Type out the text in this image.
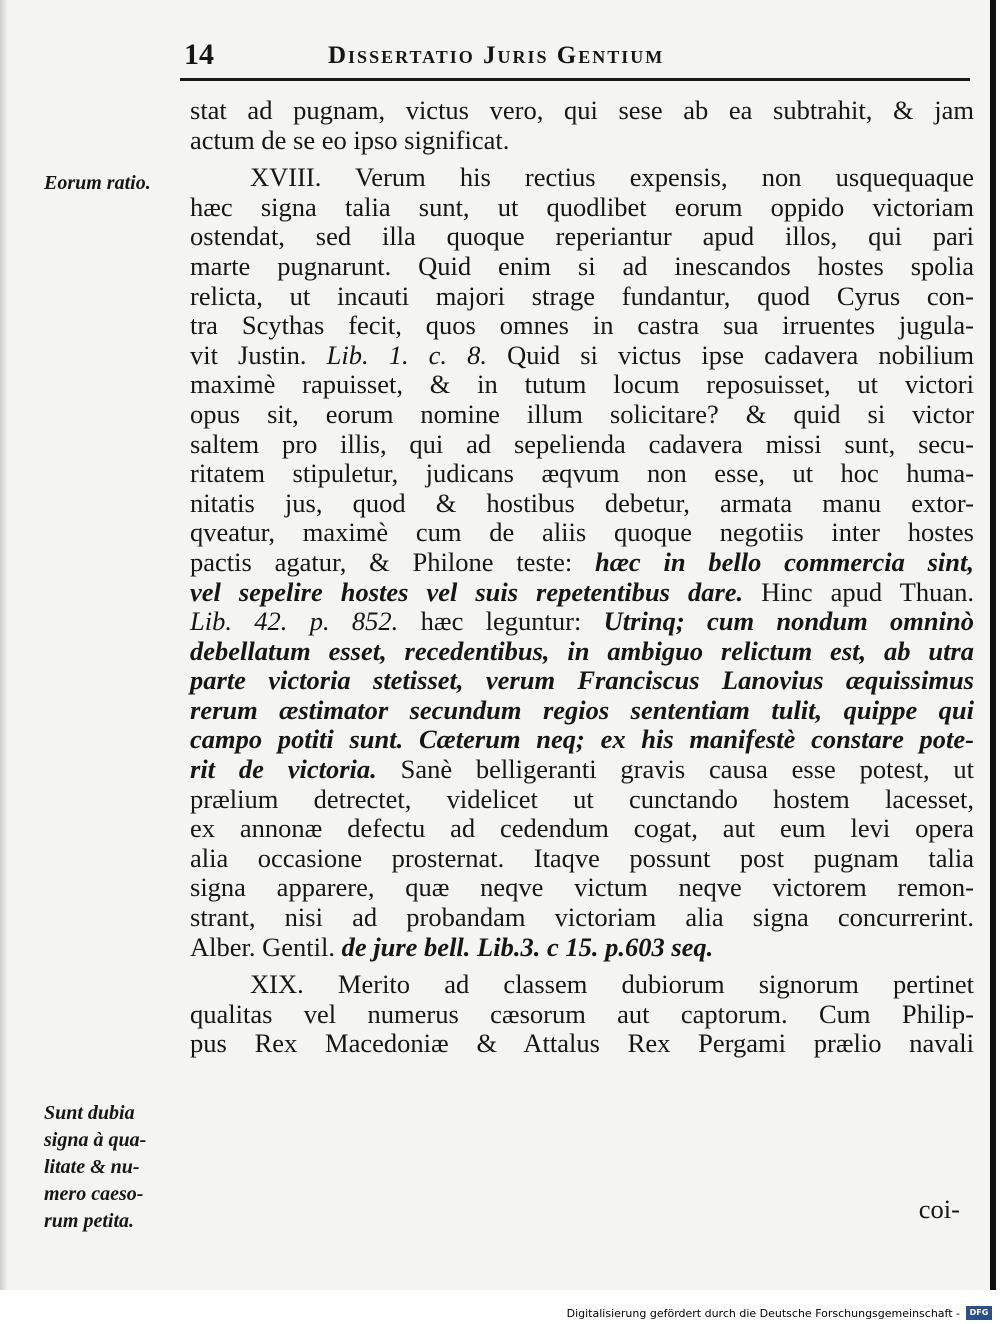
14	Dissertatio Juris Gentium
Eorum ratio.
Sunt dubia
signa à qua-
litate & nu-
mero caeso-
rum petita.
stat ad pugnam, victus vero, qui sese ab ea subtrahit, & jam
actum de se eo ipso significat.
XVIII. Verum his rectius expensis, non usquequaque
hæc signa talia sunt, ut quodlibet eorum oppido victoriam
ostendat, sed illa quoque reperiantur apud illos, qui pari
marte pugnarunt. Quid enim si ad inescandos hostes spolia
relicta, ut incauti majori strage fundantur, quod Cyrus con-
tra Scythas fecit, quos omnes in castra sua irruentes jugula-
vit Justin. Lib. 1. c. 8. Quid si victus ipse cadavera nobilium
maximè rapuisset, & in tutum locum reposuisset, ut victori
opus sit, eorum nomine illum solicitare? & quid si victor
saltem pro illis, qui ad sepelienda cadavera missi sunt, secu-
ritatem stipuletur, judicans æqvum non esse, ut hoc huma-
nitatis jus, quod & hostibus debetur, armata manu extor-
qveatur, maximè cum de aliis quoque negotiis inter hostes
pactis agatur, & Philone teste: hæc in bello commercia sint,
vel sepelire hostes vel suis repetentibus dare. Hinc apud Thuan.
Lib. 42. p. 852. hæc leguntur: Utrinq; cum nondum omninò
debellatum esset, recedentibus, in ambiguo relictum est, ab utra
parte victoria stetisset, verum Franciscus Lanovius æquissimus
rerum æstimator secundum regios sententiam tulit, quippe qui
campo potiti sunt. Cæterum neq; ex his manifestè constare pote-
rit de victoria. Sanè belligeranti gravis causa esse potest, ut
prælium detrectet, videlicet ut cunctando hostem lacesset,
ex annonæ defectu ad cedendum cogat, aut eum levi opera
alia occasione prosternat. Itaqve possunt post pugnam talia
signa apparere, quæ neqve victum neqve victorem remon-
strant, nisi ad probandam victoriam alia signa concurrerint.
Alber. Gentil. de jure bell. Lib.3. c 15. p.603 seq.
XIX. Merito ad classem dubiorum signorum pertinet
qualitas vel numerus cæsorum aut captorum. Cum Philip-
pus Rex Macedoniæ & Attalus Rex Pergami prælio navali
coi-
Digitalisierung gefördert durch die Deutsche Forschungsgemeinschaft -	DFG
